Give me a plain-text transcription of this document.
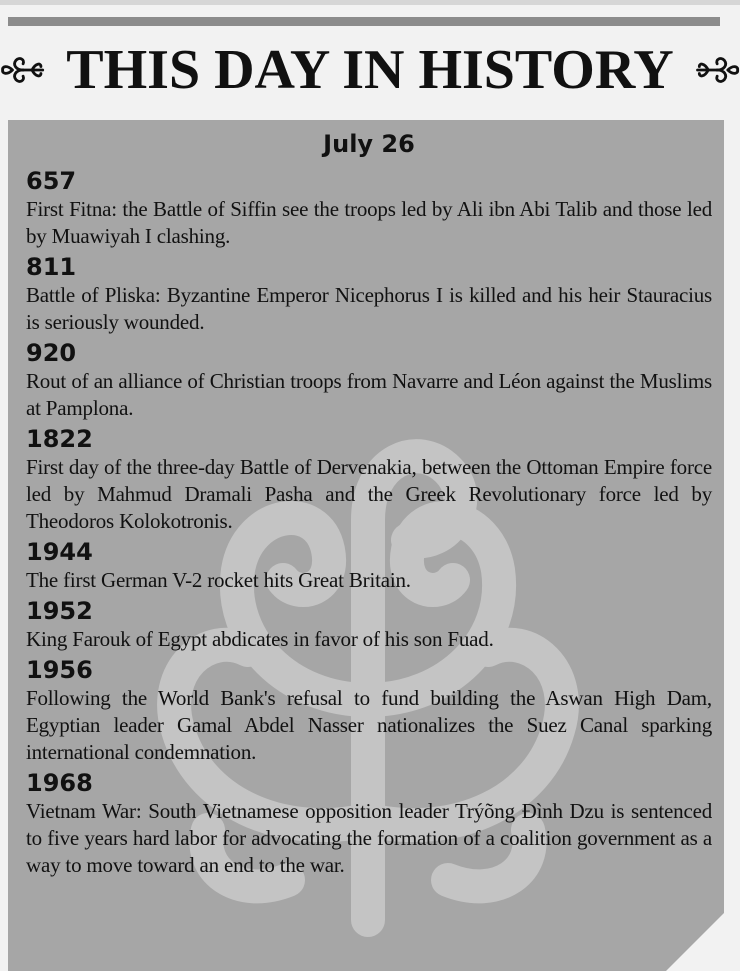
THIS DAY IN HISTORY
July 26
657
First Fitna: the Battle of Siffin see the troops led by Ali ibn Abi Talib and those led by Muawiyah I clashing.
811
Battle of Pliska: Byzantine Emperor Nicephorus I is killed and his heir Stauracius is seriously wounded.
920
Rout of an alliance of Christian troops from Navarre and Léon against the Muslims at Pamplona.
1822
First day of the three-day Battle of Dervenakia, between the Ottoman Empire force led by Mahmud Dramali Pasha and the Greek Revolutionary force led by Theodoros Kolokotronis.
1944
The first German V-2 rocket hits Great Britain.
1952
King Farouk of Egypt abdicates in favor of his son Fuad.
1956
Following the World Bank's refusal to fund building the Aswan High Dam, Egyptian leader Gamal Abdel Nasser nationalizes the Suez Canal sparking international condemnation.
1968
Vietnam War: South Vietnamese opposition leader Trýõng Đình Dzu is sentenced to five years hard labor for advocating the formation of a coalition government as a way to move toward an end to the war.
